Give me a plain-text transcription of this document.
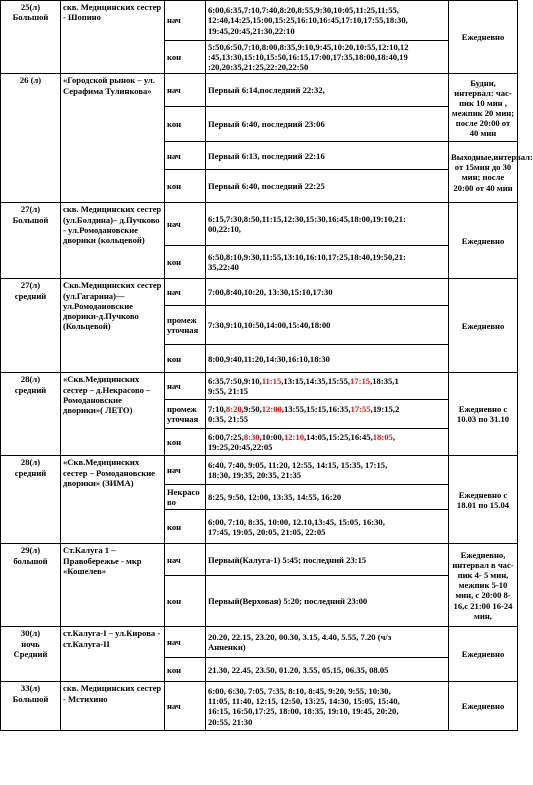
25(л)
Большой	скв. Медицинских сестер - Шопино	нач	6:00,6:35,7:10,7:40,8:20,8:55,9:30,10:05,11:25,11:55,
12:40,14:25,15:00,15:25,16:10,16:45,17:10,17:55,18:30,
19:45,20:45,21:30,22:10	Ежедневно
		кон	5:50,6:50,7:10,8:00,8:35,9:10,9:45,10:20,10:55,12:10,12
:45,13:30,15:10,15:50,16:15,17:00,17:35,18:00,18:40,19
:20,20:35,21:25,22:20,22:50	
26 (л)	«Городской рынок – ул. Серафима Тулинкова»	нач	Первый 6:14,последний 22:32,	Будни, интервал: час-пик 10 мин , межпик 20 мин; после 20:00 от 40 мин
		кон	Первый 6:40, последний 23:06	
		нач	Первый 6:13, последний 22:16	Выходные,интервал: от 15мин до 30 мин; после 20:00 от 40 мин
		кон	Первый 6:40, последний 22:25	
27(л)
Большой	скв. Медицинских сестер (ул.Болдина)– д.Пучково - ул.Ромодановские дворики (кольцевой)	нач	6:15,7:30,8:50,11:15,12:30,15:30,16:45,18:00,19:10,21:
00,22:10,	Ежедневно
		кон	6:50,8:10,9:30,11:55,13:10,16:10,17:25,18:40,19:50,21:
35,22:40	
27(л)
средний	Скв.Медицинских сестер (ул.Гагарина)—ул.Ромодановские дворики-д.Пучково (Кольцевой)	нач	7:00,8:40,10:20, 13:30,15:10,17:30	Ежедневно
		промеж
уточная	7:30,9:10,10:50,14:00,15:40,18:00	
		кон	8:00,9:40,11:20,14:30,16:10,18:30	
28(л)
средний	«Скв.Медицинских сестер – д.Некрасово – Ромодановские дворики»( ЛЕТО)	нач	6:35,7:50,9:10,11:15,13:15,14:35,15:55,17:15,18:35,1
9:55, 21:15	Ежедневно с 10.03 по 31.10
		промеж
уточная	7:10,8:20,9:50,12:00,13:55,15:15,16:35,17:55,19:15,2
0:35, 21:55	
		кон	6:00,7:25,8:30,10:00,12:10,14:05,15:25,16:45,18:05,
19:25,20:45,22:05	
28(л)
средний	«Скв.Медицинских сестер – Ромодановские дворики» (ЗИМА)	нач	6:40, 7:40, 9:05, 11:20, 12:55, 14:15, 15:35, 17:15,
18:30, 19:35, 20:35, 21:35	Ежедневно с 18.01 по 15.04
		Некрасо
во	8:25, 9:50, 12:00, 13:35, 14:55, 16:20	
		кон	6:00, 7:10, 8:35, 10:00, 12.10,13:45, 15:05, 16:30,
17:45, 19:05, 20:05, 21:05, 22:05	
29(л)
большой	Ст.Калуга 1 – Правобережье - мкр «Кошелев»	нач	Первый(Калуга-1) 5:45; последний 23:15	Ежедневно, интервал в час-пик 4- 5 мин, межпик 5-10 мин, с 20:00 8-16,с 21:00 16-24 мин,
		кон	Первый(Верховая) 5:20; последний 23:00	
30(л)
ночь
Средний	ст.Калуга-I – ул.Кирова - ст.Калуга-II	нач	20.20, 22.15, 23.20, 00.30, 3.15, 4.40, 5.55, 7.20 (ч/з
Анненки)	Ежедневно
		кон	21.30, 22.45, 23.50, 01.20, 3.55, 05.15, 06.35, 08.05	
33(л)
Большой	скв. Медицинских сестер - Мстихино	нач	6:00, 6:30, 7:05, 7:35, 8:10, 8:45, 9:20, 9:55, 10:30,
11:05, 11:40, 12:15, 12:50, 13:25, 14:30, 15:05, 15:40,
16:15, 16:50,17:25, 18:00, 18:35, 19:10, 19:45, 20:20,
20:55, 21:30	Ежедневно
